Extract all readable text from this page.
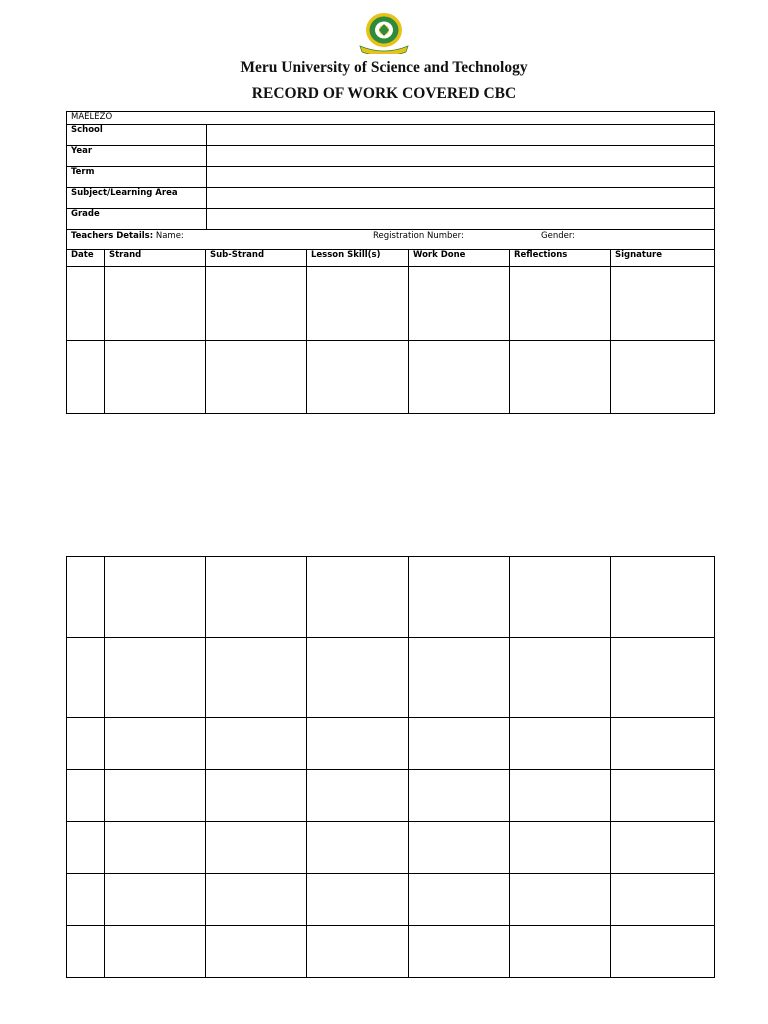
Meru University of Science and Technology
RECORD OF WORK COVERED CBC
MAELEZO	
School	
Year	
Term	
Subject/Learning Area	
Grade	

Teachers Details: Name: Registration Number: Gender:	
Date	Strand	Sub-Strand	Lesson Skill(s)	Work Done	Reflections	Signature
